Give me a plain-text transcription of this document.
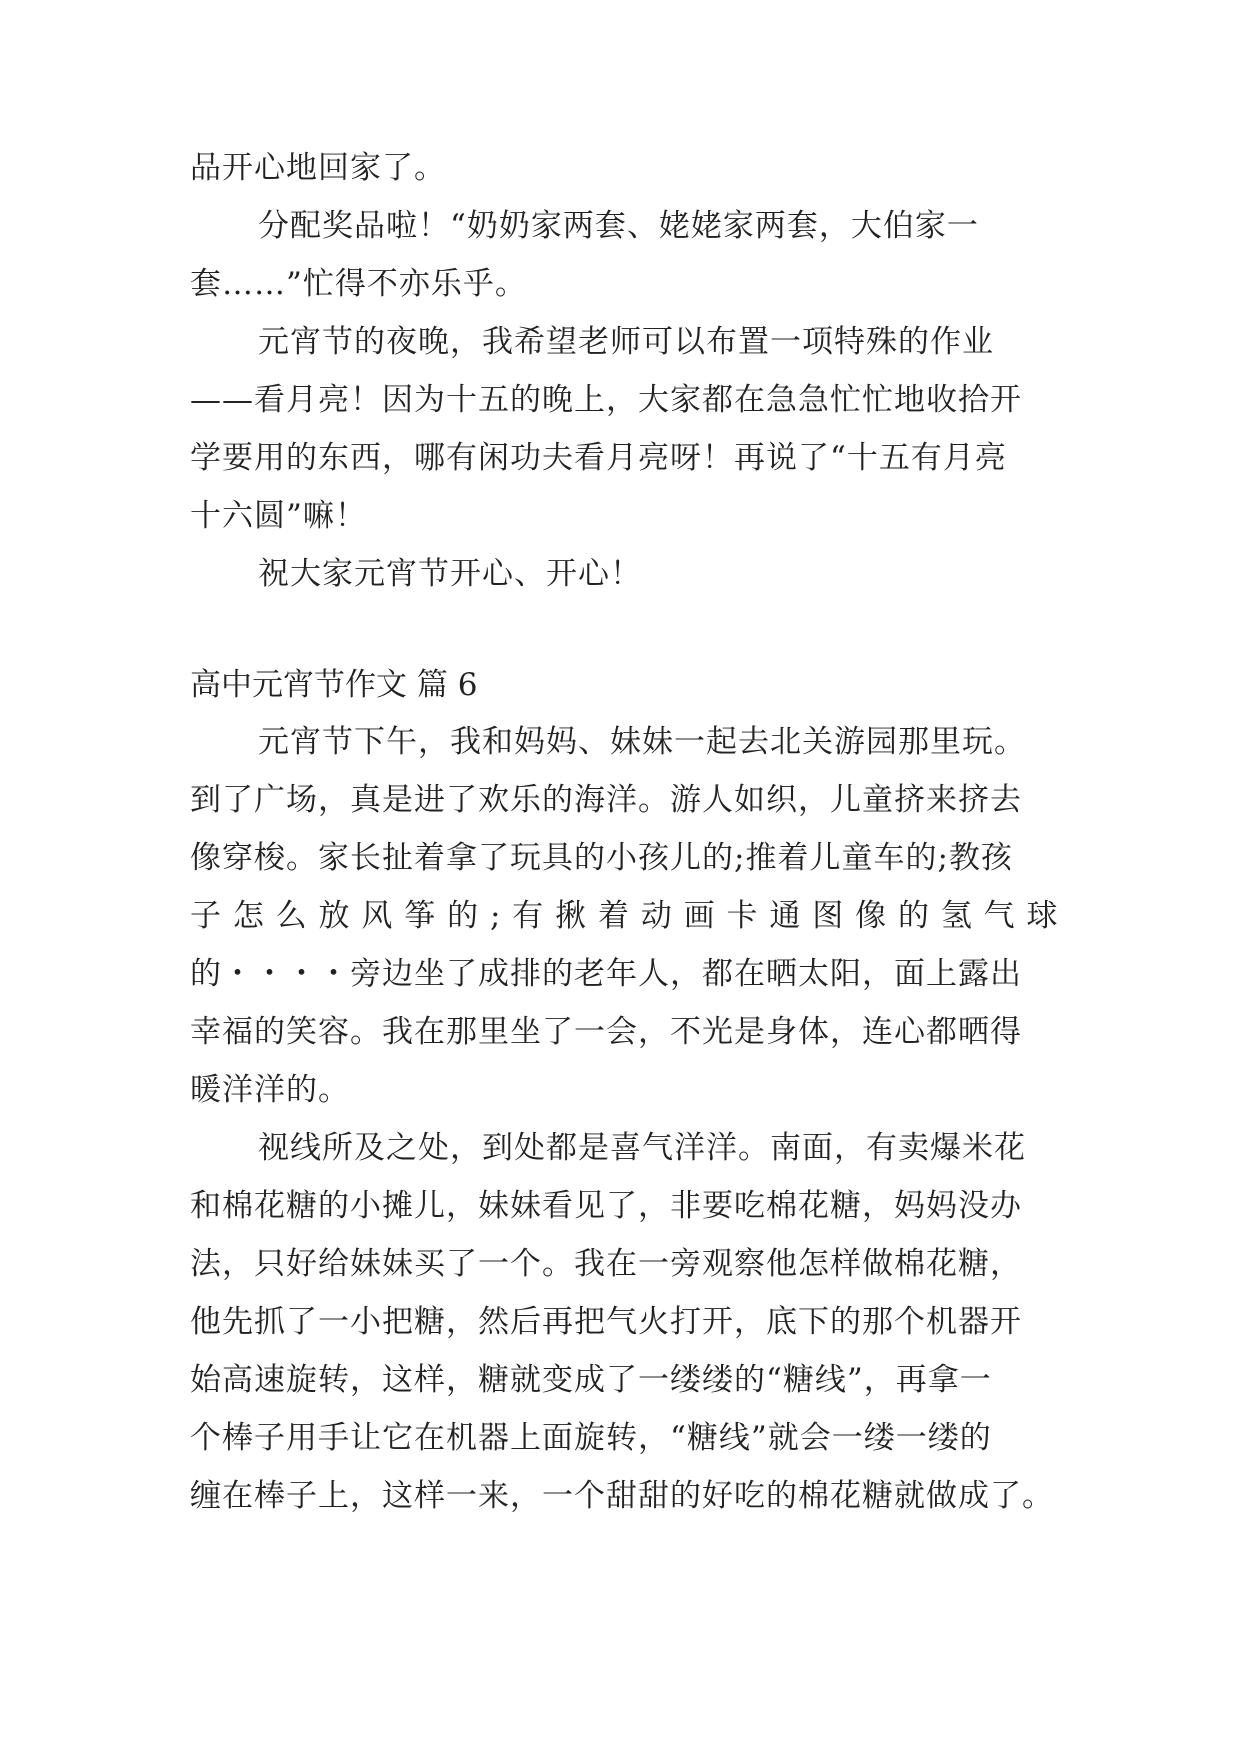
品开心地回家了。
分配奖品啦！“奶奶家两套、姥姥家两套，大伯家一
套……”忙得不亦乐乎。
元宵节的夜晚，我希望老师可以布置一项特殊的作业
——看月亮！因为十五的晚上，大家都在急急忙忙地收拾开
学要用的东西，哪有闲功夫看月亮呀！再说了“十五有月亮
十六圆”嘛！
祝大家元宵节开心、开心！
高中元宵节作文 篇 6
元宵节下午，我和妈妈、妹妹一起去北关游园那里玩。
到了广场，真是进了欢乐的海洋。游人如织，儿童挤来挤去
像穿梭。家长扯着拿了玩具的小孩儿的;推着儿童车的;教孩
子 怎 么 放 风 筝 的 ; 有 揪 着 动 画 卡 通 图 像 的 氢 气 球
的・・・・旁边坐了成排的老年人，都在晒太阳，面上露出
幸福的笑容。我在那里坐了一会，不光是身体，连心都晒得
暖洋洋的。
视线所及之处，到处都是喜气洋洋。南面，有卖爆米花
和棉花糖的小摊儿，妹妹看见了，非要吃棉花糖，妈妈没办
法，只好给妹妹买了一个。我在一旁观察他怎样做棉花糖，
他先抓了一小把糖，然后再把气火打开，底下的那个机器开
始高速旋转，这样，糖就变成了一缕缕的“糖线”，再拿一
个棒子用手让它在机器上面旋转，“糖线”就会一缕一缕的
缠在棒子上，这样一来，一个甜甜的好吃的棉花糖就做成了。
